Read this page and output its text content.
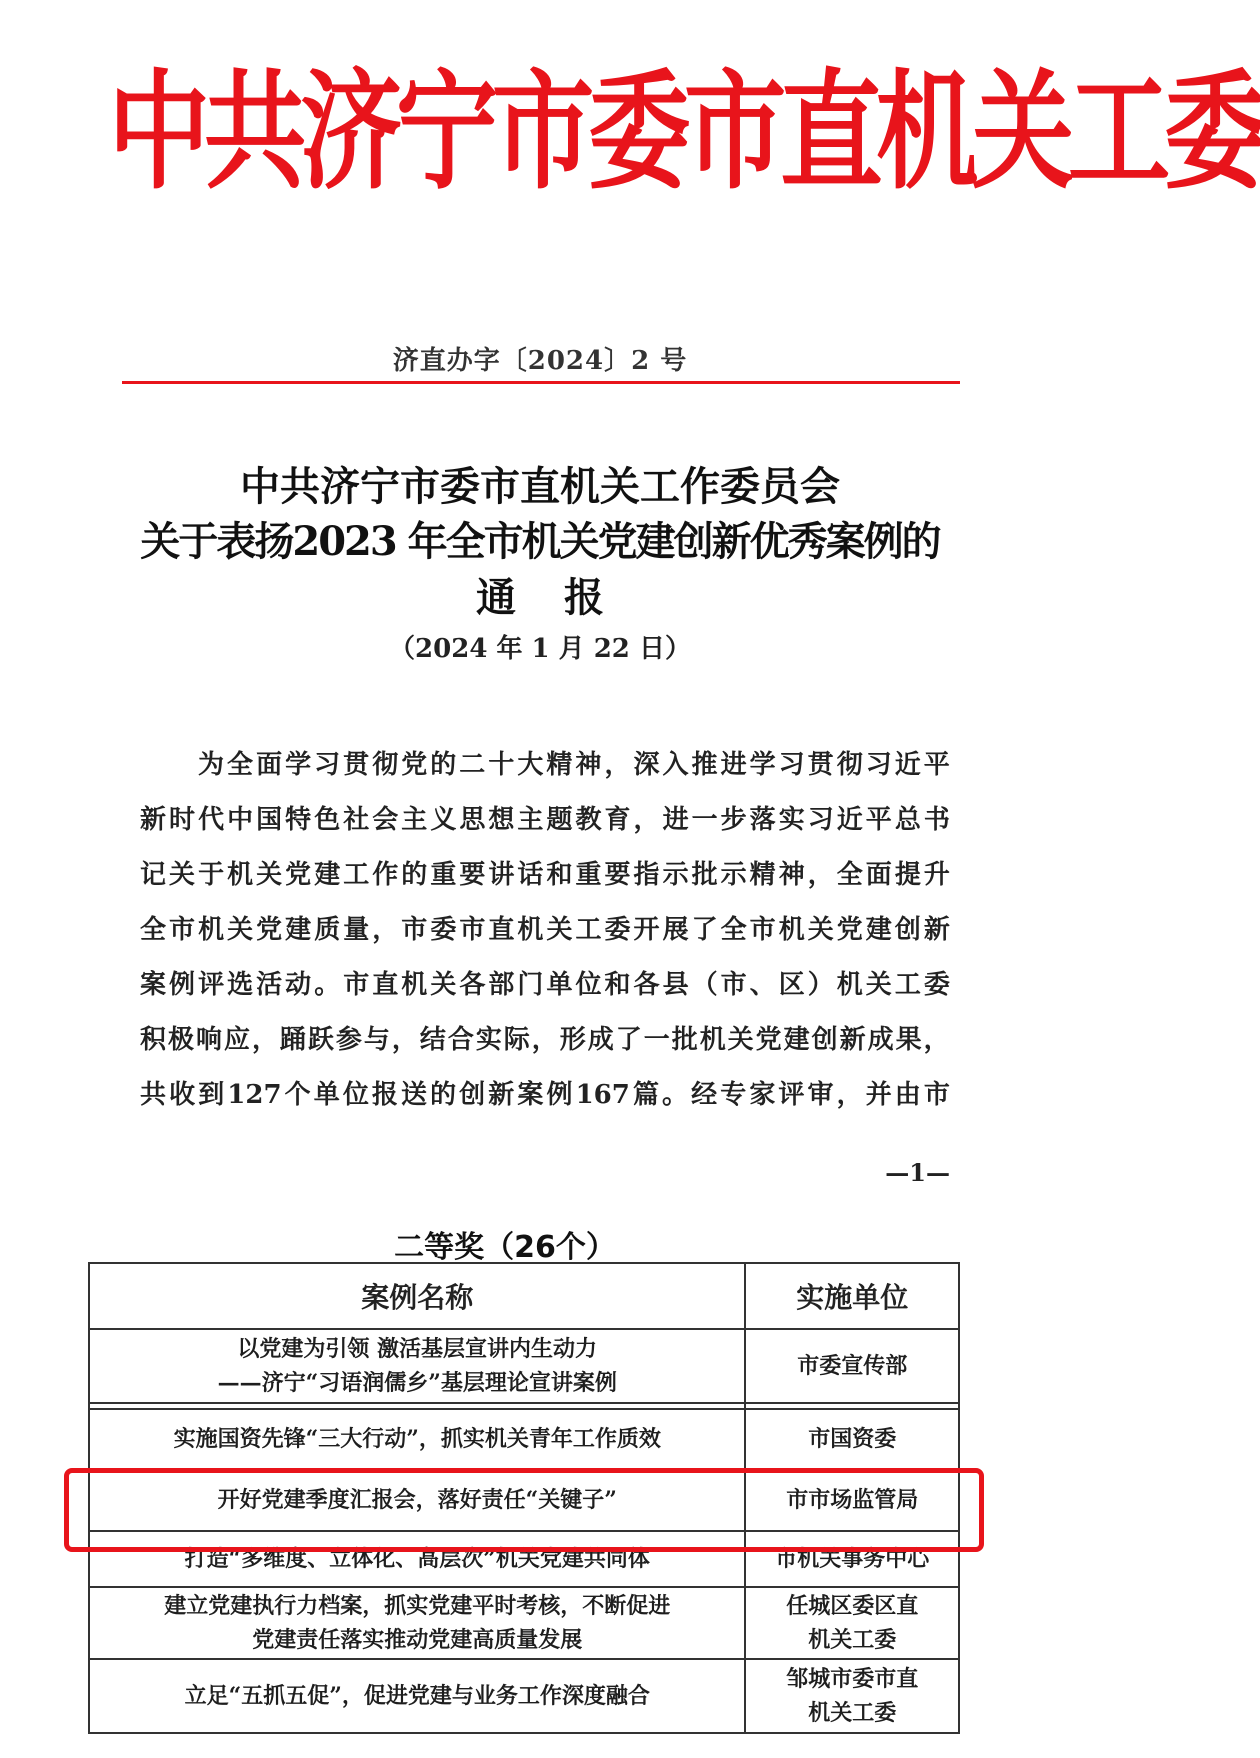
中共济宁市委市直机关工委
济直办字〔2024〕2 号
中共济宁市委市直机关工作委员会
关于表扬2023 年全市机关党建创新优秀案例的
通报
（2024 年 1 月 22 日）
为 全 面 学 习 贯 彻 党 的 二 十 大 精 神 ， 深 入 推 进 学 习 贯 彻 习 近 平
新 时 代 中 国 特 色 社 会 主 义 思 想 主 题 教 育 ， 进 一 步 落 实 习 近 平 总 书
记 关 于 机 关 党 建 工 作 的 重 要 讲 话 和 重 要 指 示 批 示 精 神 ， 全 面 提 升
全 市 机 关 党 建 质 量 ， 市 委 市 直 机 关 工 委 开 展 了 全 市 机 关 党 建 创 新
案 例 评 选 活 动 。 市 直 机 关 各 部 门 单 位 和 各 县 （ 市 、 区 ） 机 关 工 委
积 极 响 应 ， 踊 跃 参 与 ， 结 合 实 际 ， 形 成 了 一 批 机 关 党 建 创 新 成 果 ，
共 收 到 127 个 单 位 报 送 的 创 新 案 例 167 篇 。 经 专 家 评 审 ， 并 由 市
—1—
二等奖（26个）
案例名称	实施单位
以党建为引领 激活基层宣讲内生动力
——济宁“习语润儒乡”基层理论宣讲案例	市委宣传部

实施国资先锋“三大行动”，抓实机关青年工作质效	市国资委
开好党建季度汇报会，落好责任“关键子”	市市场监管局
打造“多维度、立体化、高层次”机关党建共同体	市机关事务中心
建立党建执行力档案，抓实党建平时考核，不断促进
党建责任落实推动党建高质量发展	任城区委区直
机关工委
立足“五抓五促”，促进党建与业务工作深度融合	邹城市委市直
机关工委
